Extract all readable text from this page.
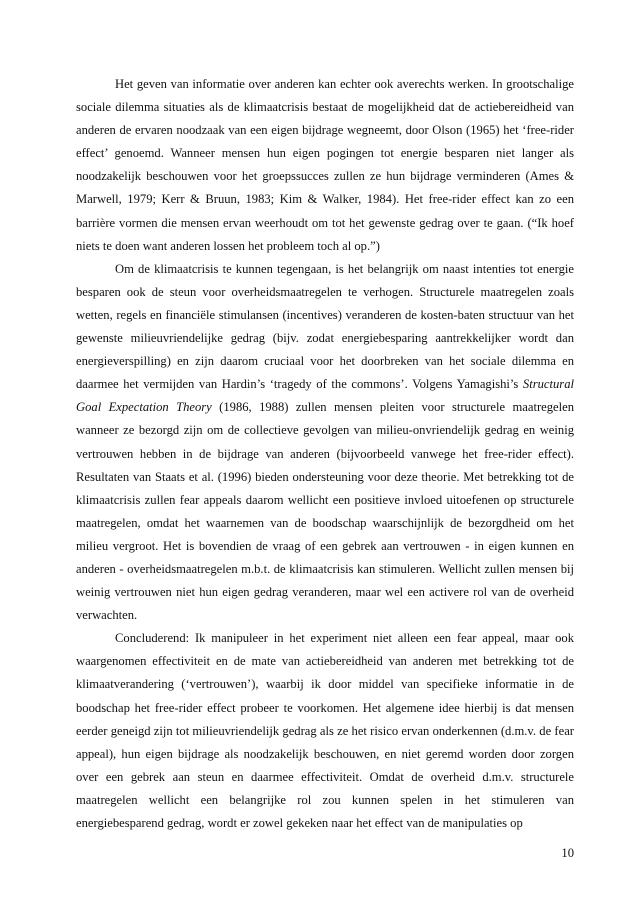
Het geven van informatie over anderen kan echter ook averechts werken. In grootschalige sociale dilemma situaties als de klimaatcrisis bestaat de mogelijkheid dat de actiebereidheid van anderen de ervaren noodzaak van een eigen bijdrage wegneemt, door Olson (1965) het ‘free-rider effect’ genoemd. Wanneer mensen hun eigen pogingen tot energie besparen niet langer als noodzakelijk beschouwen voor het groepssucces zullen ze hun bijdrage verminderen (Ames & Marwell, 1979; Kerr & Bruun, 1983; Kim & Walker, 1984). Het free-rider effect kan zo een barrière vormen die mensen ervan weerhoudt om tot het gewenste gedrag over te gaan. (“Ik hoef niets te doen want anderen lossen het probleem toch al op.”)

Om de klimaatcrisis te kunnen tegengaan, is het belangrijk om naast intenties tot energie besparen ook de steun voor overheidsmaatregelen te verhogen. Structurele maatregelen zoals wetten, regels en financiële stimulansen (incentives) veranderen de kosten-baten structuur van het gewenste milieuvriendelijke gedrag (bijv. zodat energiebesparing aantrekkelijker wordt dan energieverspilling) en zijn daarom cruciaal voor het doorbreken van het sociale dilemma en daarmee het vermijden van Hardin’s ‘tragedy of the commons’. Volgens Yamagishi’s Structural Goal Expectation Theory (1986, 1988) zullen mensen pleiten voor structurele maatregelen wanneer ze bezorgd zijn om de collectieve gevolgen van milieu-onvriendelijk gedrag en weinig vertrouwen hebben in de bijdrage van anderen (bijvoorbeeld vanwege het free-rider effect). Resultaten van Staats et al. (1996) bieden ondersteuning voor deze theorie. Met betrekking tot de klimaatcrisis zullen fear appeals daarom wellicht een positieve invloed uitoefenen op structurele maatregelen, omdat het waarnemen van de boodschap waarschijnlijk de bezorgdheid om het milieu vergroot. Het is bovendien de vraag of een gebrek aan vertrouwen - in eigen kunnen en anderen - overheidsmaatregelen m.b.t. de klimaatcrisis kan stimuleren. Wellicht zullen mensen bij weinig vertrouwen niet hun eigen gedrag veranderen, maar wel een activere rol van de overheid verwachten.

Concluderend: Ik manipuleer in het experiment niet alleen een fear appeal, maar ook waargenomen effectiviteit en de mate van actiebereidheid van anderen met betrekking tot de klimaatverandering (‘vertrouwen’), waarbij ik door middel van specifieke informatie in de boodschap het free-rider effect probeer te voorkomen. Het algemene idee hierbij is dat mensen eerder geneigd zijn tot milieuvriendelijk gedrag als ze het risico ervan onderkennen (d.m.v. de fear appeal), hun eigen bijdrage als noodzakelijk beschouwen, en niet geremd worden door zorgen over een gebrek aan steun en daarmee effectiviteit. Omdat de overheid d.m.v. structurele maatregelen wellicht een belangrijke rol zou kunnen spelen in het stimuleren van energiebesparend gedrag, wordt er zowel gekeken naar het effect van de manipulaties op

10
